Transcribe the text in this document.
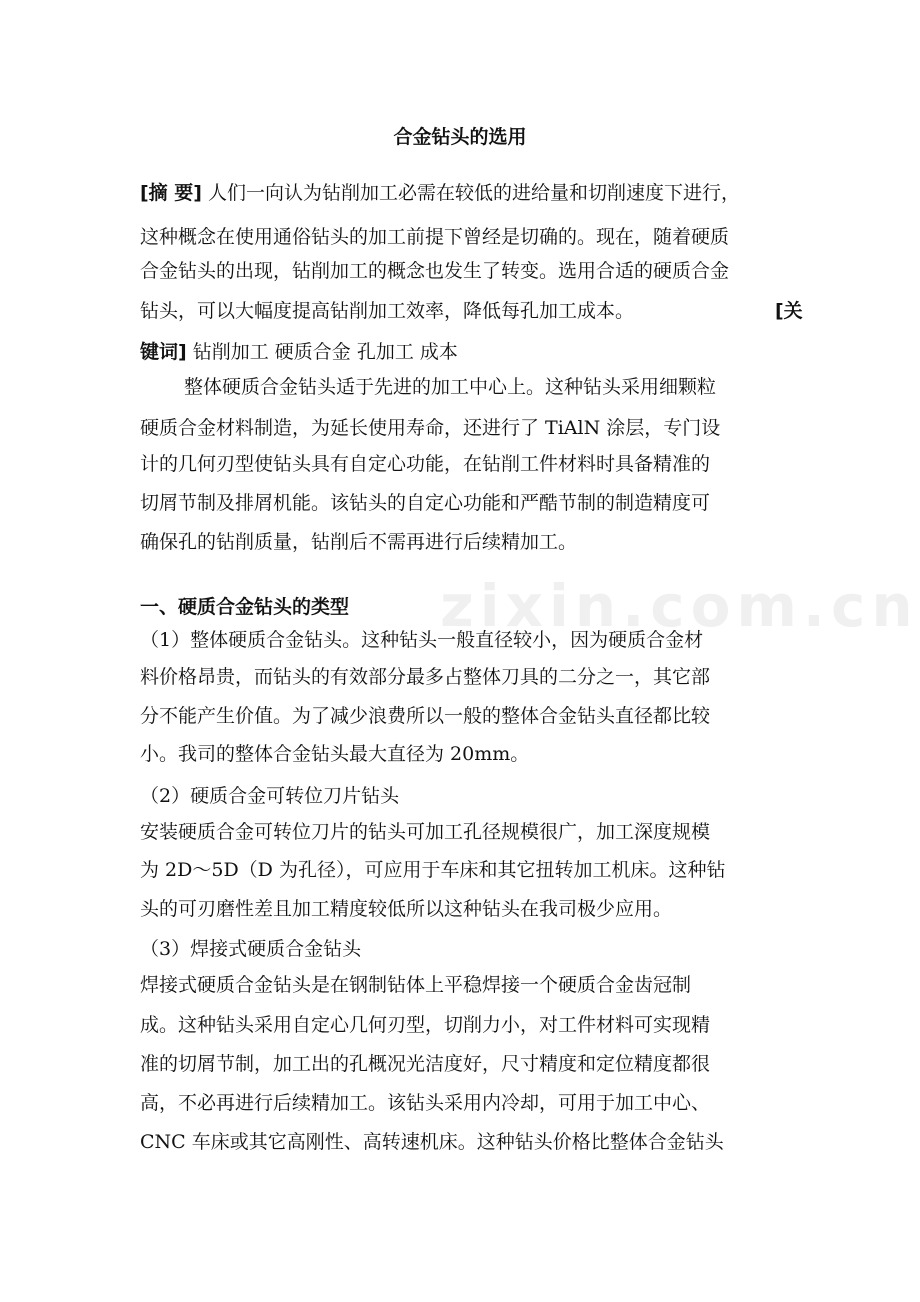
zixin.com.cn
合金钻头的选用
[摘 要] 人们一向认为钻削加工必需在较低的进给量和切削速度下进行，
这种概念在使用通俗钻头的加工前提下曾经是切确的。现在，随着硬质
合金钻头的出现，钻削加工的概念也发生了转变。选用合适的硬质合金
钻头，可以大幅度提高钻削加工效率，降低每孔加工成本。	[关
键词] 钻削加工 硬质合金 孔加工 成本
整体硬质合金钻头适于先进的加工中心上。这种钻头采用细颗粒
硬质合金材料制造，为延长使用寿命，还进行了 TiAlN 涂层，专门设
计的几何刃型使钻头具有自定心功能，在钻削工件材料时具备精准的
切屑节制及排屑机能。该钻头的自定心功能和严酷节制的制造精度可
确保孔的钻削质量，钻削后不需再进行后续精加工。
一、硬质合金钻头的类型
（1）整体硬质合金钻头。这种钻头一般直径较小，因为硬质合金材
料价格昂贵，而钻头的有效部分最多占整体刀具的二分之一，其它部
分不能产生价值。为了减少浪费所以一般的整体合金钻头直径都比较
小。我司的整体合金钻头最大直径为 20mm。
（2）硬质合金可转位刀片钻头
安装硬质合金可转位刀片的钻头可加工孔径规模很广，加工深度规模
为 2D～5D（D 为孔径），可应用于车床和其它扭转加工机床。这种钻
头的可刃磨性差且加工精度较低所以这种钻头在我司极少应用。
（3）焊接式硬质合金钻头
焊接式硬质合金钻头是在钢制钻体上平稳焊接一个硬质合金齿冠制
成。这种钻头采用自定心几何刃型，切削力小，对工件材料可实现精
准的切屑节制，加工出的孔概况光洁度好，尺寸精度和定位精度都很
高，不必再进行后续精加工。该钻头采用内冷却，可用于加工中心、
CNC 车床或其它高刚性、高转速机床。这种钻头价格比整体合金钻头
